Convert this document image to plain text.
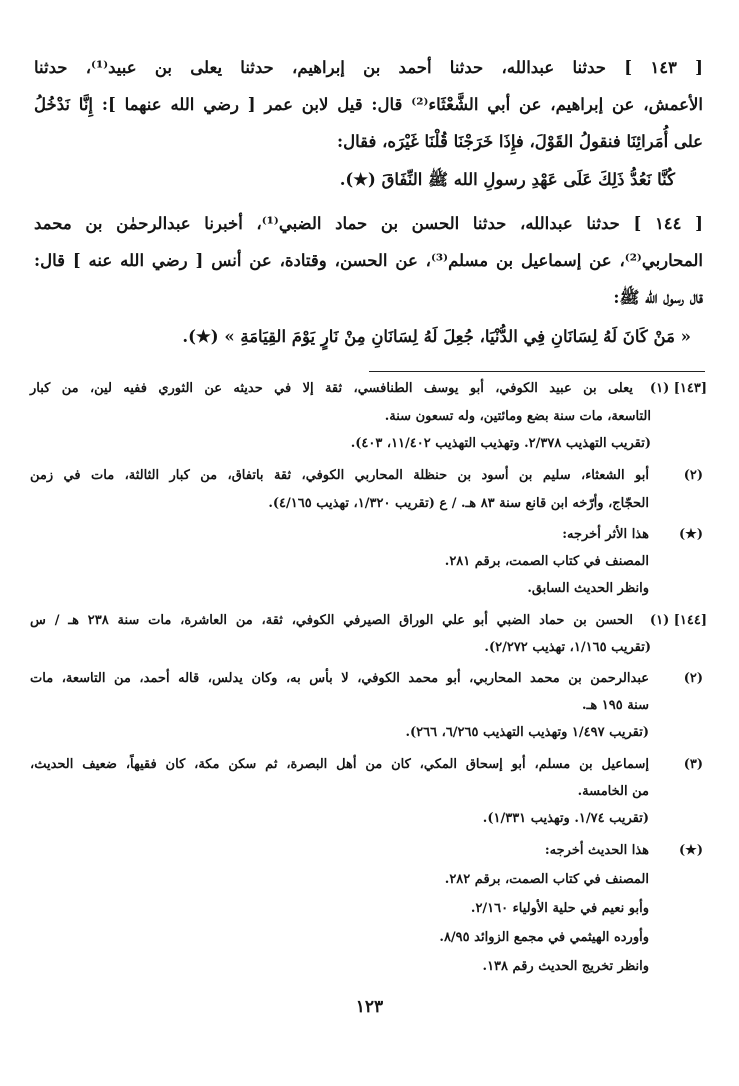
[ ١٤٣ ] حدثنا عبدالله، حدثنا أحمد بن إبراهيم، حدثنا يعلى بن عبيد⁽¹⁾، حدثنا
الأعمش، عن إبراهيم، عن أبي الشَّعْثَاء⁽²⁾ قال: قيل لابن عمر [ رضي الله عنهما ]: إِنَّا نَدْخُلُ
على أُمَرائِنَا فنقولُ القَوْلَ، فإِذَا خَرَجْنَا قُلْنَا غَيْرَه، فقال:
كُنَّا نَعُدُّ ذَلِكَ عَلَى عَهْدِ رسولِ الله ﷺ النِّفَاقَ (★).
[ ١٤٤ ] حدثنا عبدالله، حدثنا الحسن بن حماد الضبي⁽¹⁾، أخبرنا عبدالرحمٰن بن محمد
المحاربي⁽²⁾، عن إسماعيل بن مسلم⁽³⁾، عن الحسن، وقتادة، عن أنس [ رضي الله عنه ] قال:
قال رسول الله ﷺ:
« مَنْ كَانَ لَهُ لِسَانَانِ فِي الدُّنْيَا، جُعِلَ لَهُ لِسَانَانِ مِنْ نَارٍ يَوْمَ القِيَامَةِ » (★).
[١٤٣] (١)
يعلى بن عبيد الكوفي، أبو يوسف الطنافسي، ثقة إلا في حديثه عن الثوري ففيه لين، من كبار
التاسعة، مات سنة بضع ومائتين، وله تسعون سنة.
(تقريب التهذيب ٢/٣٧٨. وتهذيب التهذيب ١١/٤٠٢، ٤٠٣).
(٢)
أبو الشعثاء، سليم بن أسود بن حنظلة المحاربي الكوفي، ثقة باتفاق، من كبار الثالثة، مات في زمن
الحجّاج، وأرّخه ابن قانع سنة ٨٣ هـ. / ع (تقريب ١/٣٢٠، تهذيب ٤/١٦٥).
(★)
هذا الأثر أخرجه:
المصنف في كتاب الصمت، برقم ٢٨١.
وانظر الحديث السابق.
[١٤٤] (١)
الحسن بن حماد الضبي أبو علي الوراق الصيرفي الكوفي، ثقة، من العاشرة، مات سنة ٢٣٨ هـ / س
(تقريب ١/١٦٥، تهذيب ٢/٢٧٢).
(٢)
عبدالرحمن بن محمد المحاربي، أبو محمد الكوفي، لا بأس به، وكان يدلس، قاله أحمد، من التاسعة، مات
سنة ١٩٥ هـ.
(تقريب ١/٤٩٧ وتهذيب التهذيب ٦/٢٦٥، ٢٦٦).
(٣)
إسماعيل بن مسلم، أبو إسحاق المكي، كان من أهل البصرة، ثم سكن مكة، كان فقيهاً، ضعيف الحديث،
من الخامسة.
(تقريب ١/٧٤. وتهذيب ١/٣٣١).
(★)
هذا الحديث أخرجه:
المصنف في كتاب الصمت، برقم ٢٨٢.
وأبو نعيم في حلية الأولياء ٢/١٦٠.
وأورده الهيثمي في مجمع الزوائد ٨/٩٥.
وانظر تخريج الحديث رقم ١٣٨.
١٢٣
